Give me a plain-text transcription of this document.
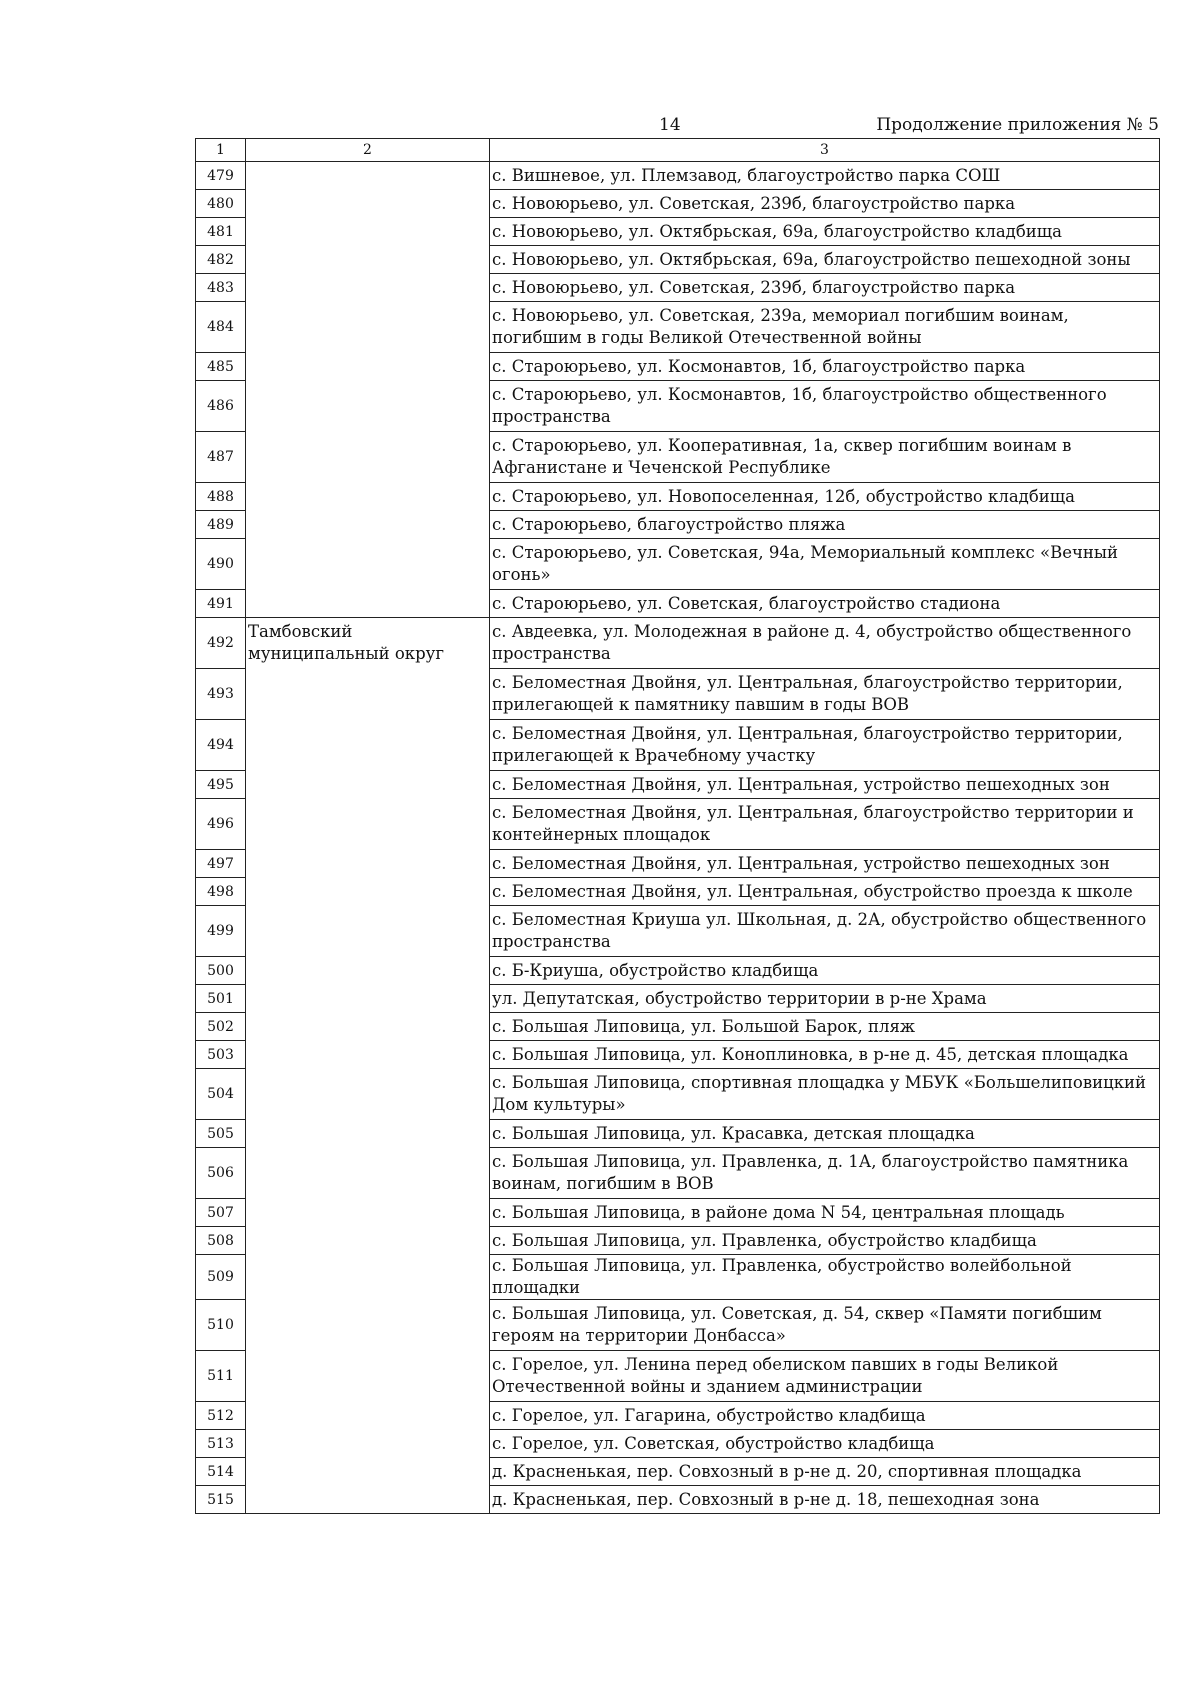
14	Продолжение приложения № 5
1	2	3
479		с. Вишневое, ул. Племзавод, благоустройство парка СОШ
480		с. Новоюрьево, ул. Советская, 239б, благоустройство парка
481		с. Новоюрьево, ул. Октябрьская, 69а, благоустройство кладбища
482		с. Новоюрьево, ул. Октябрьская, 69а, благоустройство пешеходной зоны
483		с. Новоюрьево, ул. Советская, 239б, благоустройство парка
484		с. Новоюрьево, ул. Советская, 239а, мемориал погибшим воинам, погибшим в годы Великой Отечественной войны
485		с. Староюрьево, ул. Космонавтов, 1б, благоустройство парка
486		с. Староюрьево, ул. Космонавтов, 1б, благоустройство общественного пространства
487		с. Староюрьево, ул. Кооперативная, 1а, сквер погибшим воинам в Афганистане и Чеченской Республике
488		с. Староюрьево, ул. Новопоселенная, 12б, обустройство кладбища
489		с. Староюрьево, благоустройство пляжа
490		с. Староюрьево, ул. Советская, 94а, Мемориальный комплекс «Вечный огонь»
491		с. Староюрьево, ул. Советская, благоустройство стадиона
492	Тамбовский муниципальный округ	с. Авдеевка, ул. Молодежная в районе д. 4, обустройство общественного пространства
493		с. Беломестная Двойня, ул. Центральная, благоустройство территории, прилегающей к памятнику павшим в годы ВОВ
494		с. Беломестная Двойня, ул. Центральная, благоустройство территории, прилегающей к Врачебному участку
495		с. Беломестная Двойня, ул. Центральная, устройство пешеходных зон
496		с. Беломестная Двойня, ул. Центральная, благоустройство территории и контейнерных площадок
497		с. Беломестная Двойня, ул. Центральная, устройство пешеходных зон
498		с. Беломестная Двойня, ул. Центральная, обустройство проезда к школе
499		с. Беломестная Криуша ул. Школьная, д. 2А, обустройство общественного пространства
500		с. Б-Криуша, обустройство кладбища
501		ул. Депутатская, обустройство территории в р-не Храма
502		с. Большая Липовица, ул. Большой Барок, пляж
503		с. Большая Липовица, ул. Коноплиновка, в р-не д. 45, детская площадка
504		с. Большая Липовица, спортивная площадка у МБУК «Большелиповицкий Дом культуры»
505		с. Большая Липовица, ул. Красавка, детская площадка
506		с. Большая Липовица, ул. Правленка, д. 1А, благоустройство памятника воинам, погибшим в ВОВ
507		с. Большая Липовица, в районе дома N 54, центральная площадь
508		с. Большая Липовица, ул. Правленка, обустройство кладбища
509		с. Большая Липовица, ул. Правленка, обустройство волейбольной площадки
510		с. Большая Липовица, ул. Советская, д. 54, сквер «Памяти погибшим героям на территории Донбасса»
511		с. Горелое, ул. Ленина перед обелиском павших в годы Великой Отечественной войны и зданием администрации
512		с. Горелое, ул. Гагарина, обустройство кладбища
513		с. Горелое, ул. Советская, обустройство кладбища
514		д. Красненькая, пер. Совхозный в р-не д. 20, спортивная площадка
515		д. Красненькая, пер. Совхозный в р-не д. 18, пешеходная зона
